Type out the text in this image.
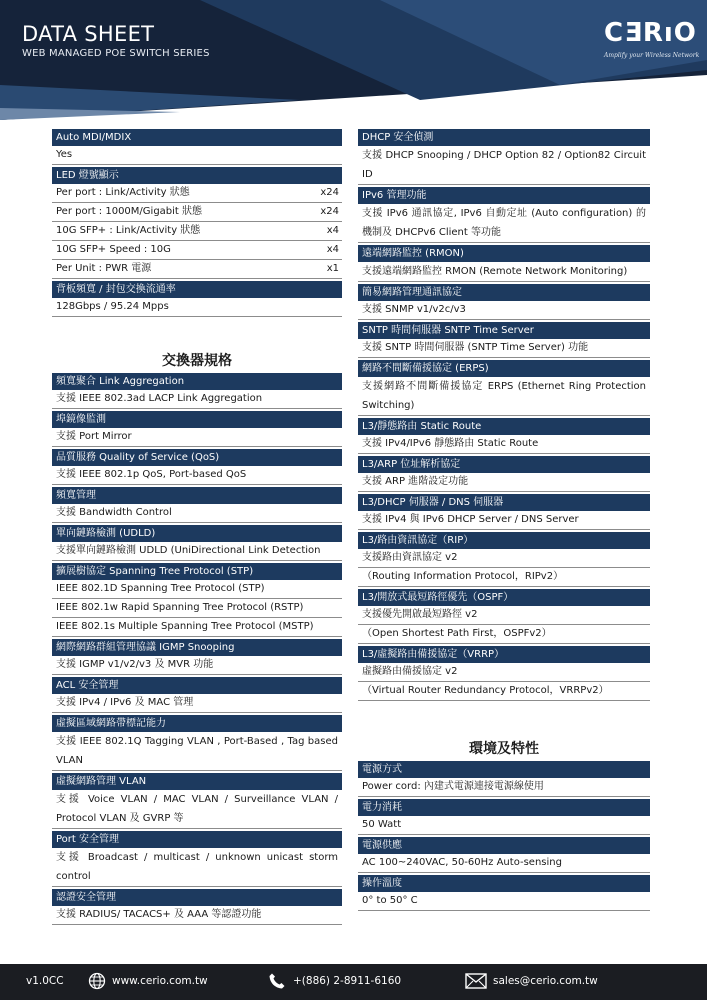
DATA SHEET
WEB MANAGED POE SWITCH SERIES
CERıO
Amplify your Wireless Network
Auto MDI/MDIX
Yes
LED 燈號顯示
Per port : Link/Activity 狀態	x24
Per port : 1000M/Gigabit 狀態	x24
10G SFP+ : Link/Activity 狀態	x4
10G SFP+ Speed : 10G	x4
Per Unit : PWR 電源	x1
背板頻寬 / 封包交換流通率
128Gbps / 95.24 Mpps
交換器規格
頻寬聚合 Link Aggregation
支援 IEEE 802.3ad LACP Link Aggregation
埠鏡像監測
支援 Port Mirror
品質服務 Quality of Service (QoS)
支援 IEEE 802.1p QoS, Port-based QoS
頻寬管理
支援 Bandwidth Control
單向鏈路檢測 (UDLD)
支援單向鏈路檢測 UDLD (UniDirectional Link Detection
擴展樹協定 Spanning Tree Protocol (STP)
IEEE 802.1D Spanning Tree Protocol (STP)
IEEE 802.1w Rapid Spanning Tree Protocol (RSTP)
IEEE 802.1s Multiple Spanning Tree Protocol (MSTP)
網際網路群組管理協議 IGMP Snooping
支援 IGMP v1/v2/v3 及 MVR 功能
ACL 安全管理
支援 IPv4 / IPv6 及 MAC 管理
虛擬區域網路帶標記能力
支援 IEEE 802.1Q Tagging VLAN , Port-Based , Tag based VLAN
虛擬網路管理 VLAN
支援 Voice VLAN / MAC VLAN / Surveillance VLAN / Protocol VLAN 及 GVRP 等
Port 安全管理
支援 Broadcast / multicast / unknown unicast storm control
認證安全管理
支援 RADIUS/ TACACS+ 及 AAA 等認證功能
DHCP 安全偵測
支援 DHCP Snooping / DHCP Option 82 / Option82 Circuit ID
IPv6 管理功能
支援 IPv6 通訊協定, IPv6 自動定址 (Auto configuration) 的機制及 DHCPv6 Client 等功能
遠端網路監控 (RMON)
支援遠端網路監控 RMON (Remote Network Monitoring)
簡易網路管理通訊協定
支援 SNMP v1/v2c/v3
SNTP 時間伺服器 SNTP Time Server
支援 SNTP 時間伺服器 (SNTP Time Server) 功能
網路不間斷備援協定 (ERPS)
支援網路不間斷備援協定 ERPS (Ethernet Ring Protection Switching)
L3/靜態路由 Static Route
支援 IPv4/IPv6 靜態路由 Static Route
L3/ARP 位址解析協定
支援 ARP 進階設定功能
L3/DHCP 伺服器 / DNS 伺服器
支援 IPv4 與 IPv6 DHCP Server / DNS Server
L3/路由資訊協定（RIP）
支援路由資訊協定 v2
（Routing Information Protocol，RIPv2）
L3/開放式最短路徑優先（OSPF）
支援優先開啟最短路徑 v2
（Open Shortest Path First，OSPFv2）
L3/虛擬路由備援協定（VRRP）
虛擬路由備援協定 v2
（Virtual Router Redundancy Protocol，VRRPv2）
環境及特性
電源方式
Power cord: 內建式電源連接電源線使用
電力消耗
50 Watt
電源供應
AC 100~240VAC, 50-60Hz Auto-sensing
操作溫度
0° to 50° C
v1.0CC	www.cerio.com.tw	+(886) 2-8911-6160	sales@cerio.com.tw
